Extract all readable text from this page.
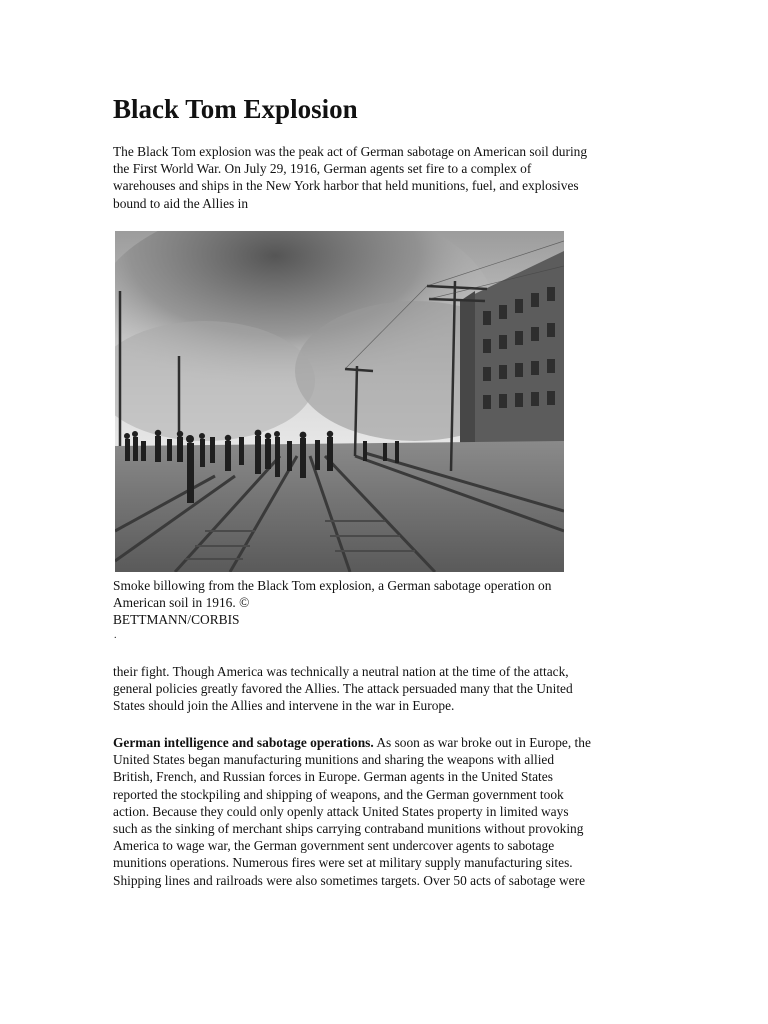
Black Tom Explosion

The Black Tom explosion was the peak act of German sabotage on American soil during
the First World War. On July 29, 1916, German agents set fire to a complex of
warehouses and ships in the New York harbor that held munitions, fuel, and explosives
bound to aid the Allies in

Smoke billowing from the Black Tom explosion, a German sabotage operation on
American soil in 1916. ©
BETTMANN/CORBIS

.

their fight. Though America was technically a neutral nation at the time of the attack,
general policies greatly favored the Allies. The attack persuaded many that the United
States should join the Allies and intervene in the war in Europe.

German intelligence and sabotage operations. As soon as war broke out in Europe, the
United States began manufacturing munitions and sharing the weapons with allied
British, French, and Russian forces in Europe. German agents in the United States
reported the stockpiling and shipping of weapons, and the German government took
action. Because they could only openly attack United States property in limited ways
such as the sinking of merchant ships carrying contraband munitions without provoking
America to wage war, the German government sent undercover agents to sabotage
munitions operations. Numerous fires were set at military supply manufacturing sites.
Shipping lines and railroads were also sometimes targets. Over 50 acts of sabotage were
